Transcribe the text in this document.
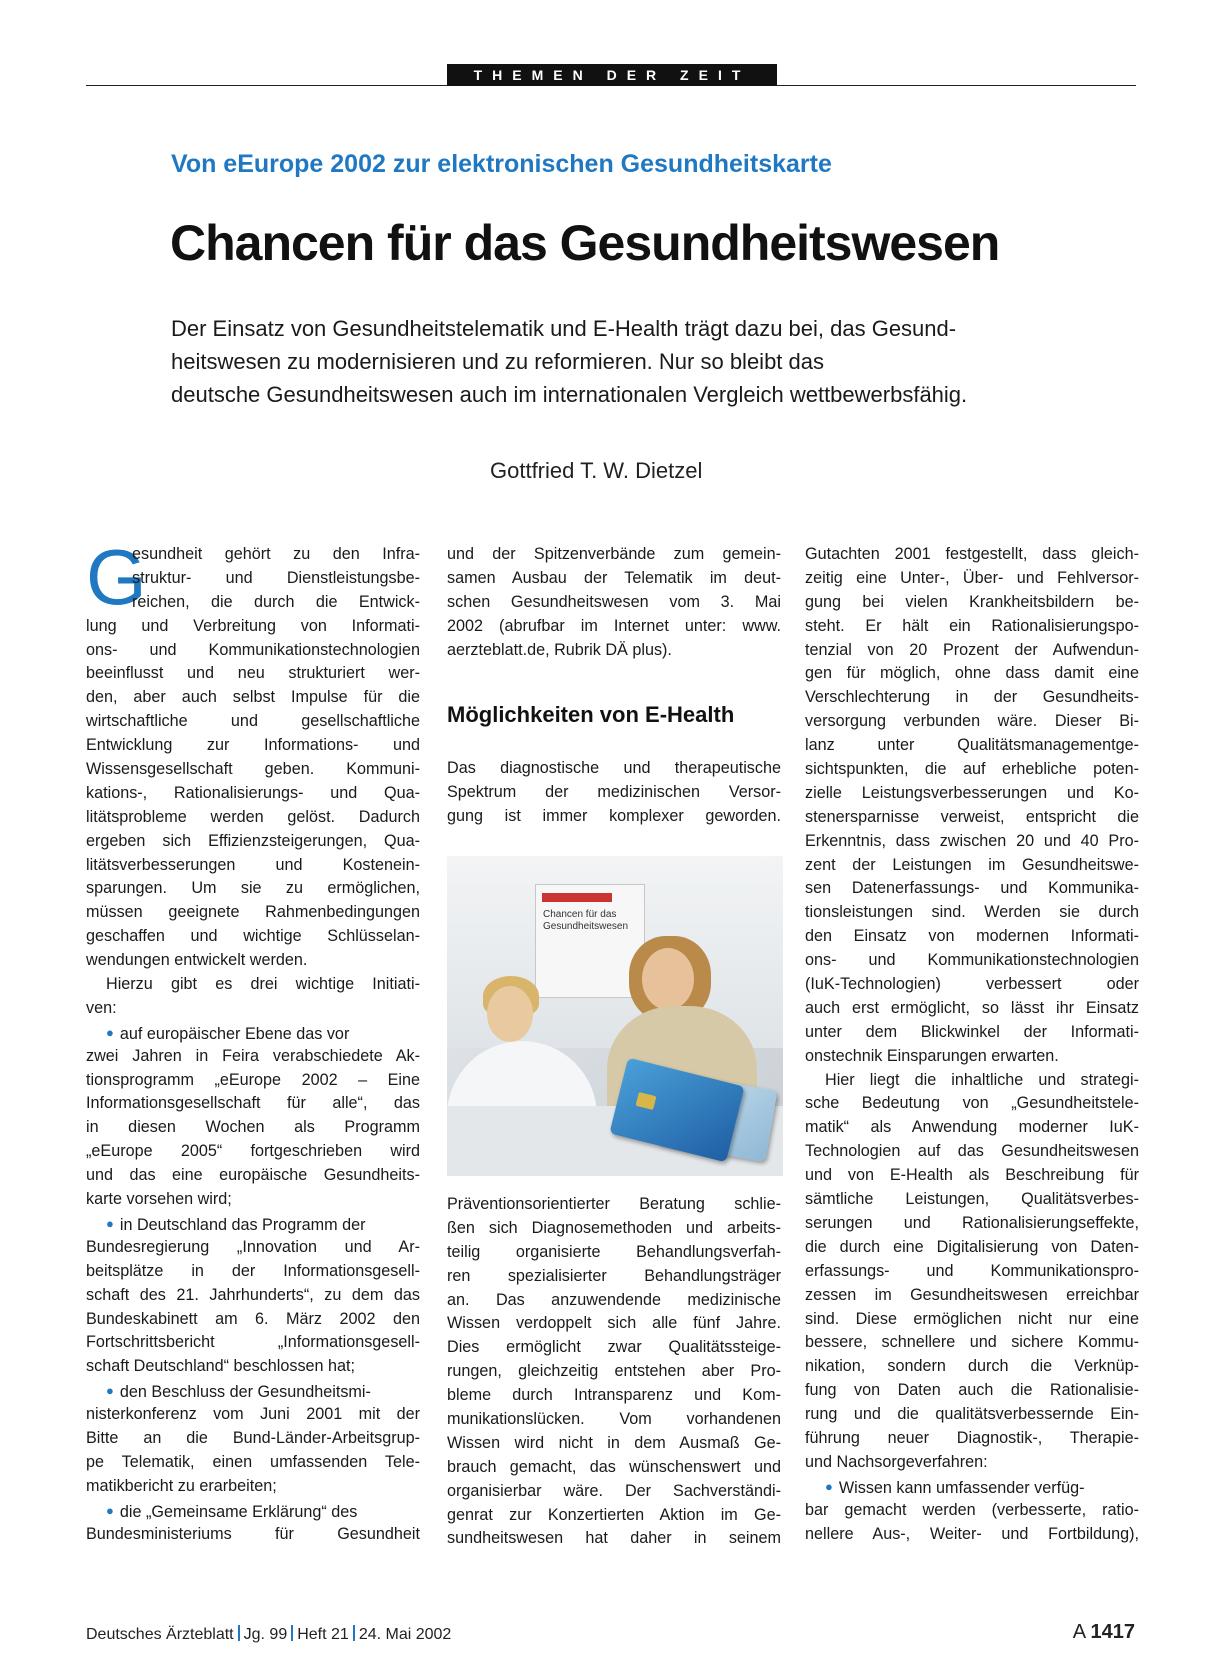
THEMEN DER ZEIT
Von eEurope 2002 zur elektronischen Gesundheitskarte
Chancen für das Gesundheitswesen
Der Einsatz von Gesundheitstelematik und E-Health trägt dazu bei, das Gesund-
heitswesen zu modernisieren und zu reformieren. Nur so bleibt das
deutsche Gesundheitswesen auch im internationalen Vergleich wettbewerbsfähig.
Gottfried T. W. Dietzel
G
esundheit gehört zu den Infra-
struktur- und Dienstleistungsbe-
reichen, die durch die Entwick-
lung und Verbreitung von Informati-
ons- und Kommunikationstechnologien
beeinflusst und neu strukturiert wer-
den, aber auch selbst Impulse für die
wirtschaftliche und gesellschaftliche
Entwicklung zur Informations- und
Wissensgesellschaft geben. Kommuni-
kations-, Rationalisierungs- und Qua-
litätsprobleme werden gelöst. Dadurch
ergeben sich Effizienzsteigerungen, Qua-
litätsverbesserungen und Kostenein-
sparungen. Um sie zu ermöglichen,
müssen geeignete Rahmenbedingungen
geschaffen und wichtige Schlüsselan-
wendungen entwickelt werden.
Hierzu gibt es drei wichtige Initiati-
ven:
● auf europäischer Ebene das vor
zwei Jahren in Feira verabschiedete Ak-
tionsprogramm „eEurope 2002 – Eine
Informationsgesellschaft für alle“, das
in diesen Wochen als Programm
„eEurope 2005“ fortgeschrieben wird
und das eine europäische Gesundheits-
karte vorsehen wird;
● in Deutschland das Programm der
Bundesregierung „Innovation und Ar-
beitsplätze in der Informationsgesell-
schaft des 21. Jahrhunderts“, zu dem das
Bundeskabinett am 6. März 2002 den
Fortschrittsbericht „Informationsgesell-
schaft Deutschland“ beschlossen hat;
● den Beschluss der Gesundheitsmi-
nisterkonferenz vom Juni 2001 mit der
Bitte an die Bund-Länder-Arbeitsgrup-
pe Telematik, einen umfassenden Tele-
matikbericht zu erarbeiten;
● die „Gemeinsame Erklärung“ des
Bundesministeriums für Gesundheit
und der Spitzenverbände zum gemein-
samen Ausbau der Telematik im deut-
schen Gesundheitswesen vom 3. Mai
2002 (abrufbar im Internet unter: www.
aerzteblatt.de, Rubrik DÄ plus).
Möglichkeiten von E-Health
Das diagnostische und therapeutische
Spektrum der medizinischen Versor-
gung ist immer komplexer geworden.
Chancen für das Gesundheitswesen
Präventionsorientierter Beratung schlie-
ßen sich Diagnosemethoden und arbeits-
teilig organisierte Behandlungsverfah-
ren spezialisierter Behandlungsträger
an. Das anzuwendende medizinische
Wissen verdoppelt sich alle fünf Jahre.
Dies ermöglicht zwar Qualitätssteige-
rungen, gleichzeitig entstehen aber Pro-
bleme durch Intransparenz und Kom-
munikationslücken. Vom vorhandenen
Wissen wird nicht in dem Ausmaß Ge-
brauch gemacht, das wünschenswert und
organisierbar wäre. Der Sachverständi-
genrat zur Konzertierten Aktion im Ge-
sundheitswesen hat daher in seinem
Gutachten 2001 festgestellt, dass gleich-
zeitig eine Unter-, Über- und Fehlversor-
gung bei vielen Krankheitsbildern be-
steht. Er hält ein Rationalisierungspo-
tenzial von 20 Prozent der Aufwendun-
gen für möglich, ohne dass damit eine
Verschlechterung in der Gesundheits-
versorgung verbunden wäre. Dieser Bi-
lanz unter Qualitätsmanagementge-
sichtspunkten, die auf erhebliche poten-
zielle Leistungsverbesserungen und Ko-
stenersparnisse verweist, entspricht die
Erkenntnis, dass zwischen 20 und 40 Pro-
zent der Leistungen im Gesundheitswe-
sen Datenerfassungs- und Kommunika-
tionsleistungen sind. Werden sie durch
den Einsatz von modernen Informati-
ons- und Kommunikationstechnologien
(IuK-Technologien) verbessert oder
auch erst ermöglicht, so lässt ihr Einsatz
unter dem Blickwinkel der Informati-
onstechnik Einsparungen erwarten.
Hier liegt die inhaltliche und strategi-
sche Bedeutung von „Gesundheitstele-
matik“ als Anwendung moderner IuK-
Technologien auf das Gesundheitswesen
und von E-Health als Beschreibung für
sämtliche Leistungen, Qualitätsverbes-
serungen und Rationalisierungseffekte,
die durch eine Digitalisierung von Daten-
erfassungs- und Kommunikationspro-
zessen im Gesundheitswesen erreichbar
sind. Diese ermöglichen nicht nur eine
bessere, schnellere und sichere Kommu-
nikation, sondern durch die Verknüp-
fung von Daten auch die Rationalisie-
rung und die qualitätsverbessernde Ein-
führung neuer Diagnostik-, Therapie-
und Nachsorgeverfahren:
● Wissen kann umfassender verfüg-
bar gemacht werden (verbesserte, ratio-
nellere Aus-, Weiter- und Fortbildung),
Deutsches Ärzteblatt Jg. 99 Heft 21 24. Mai 2002	A 1417
